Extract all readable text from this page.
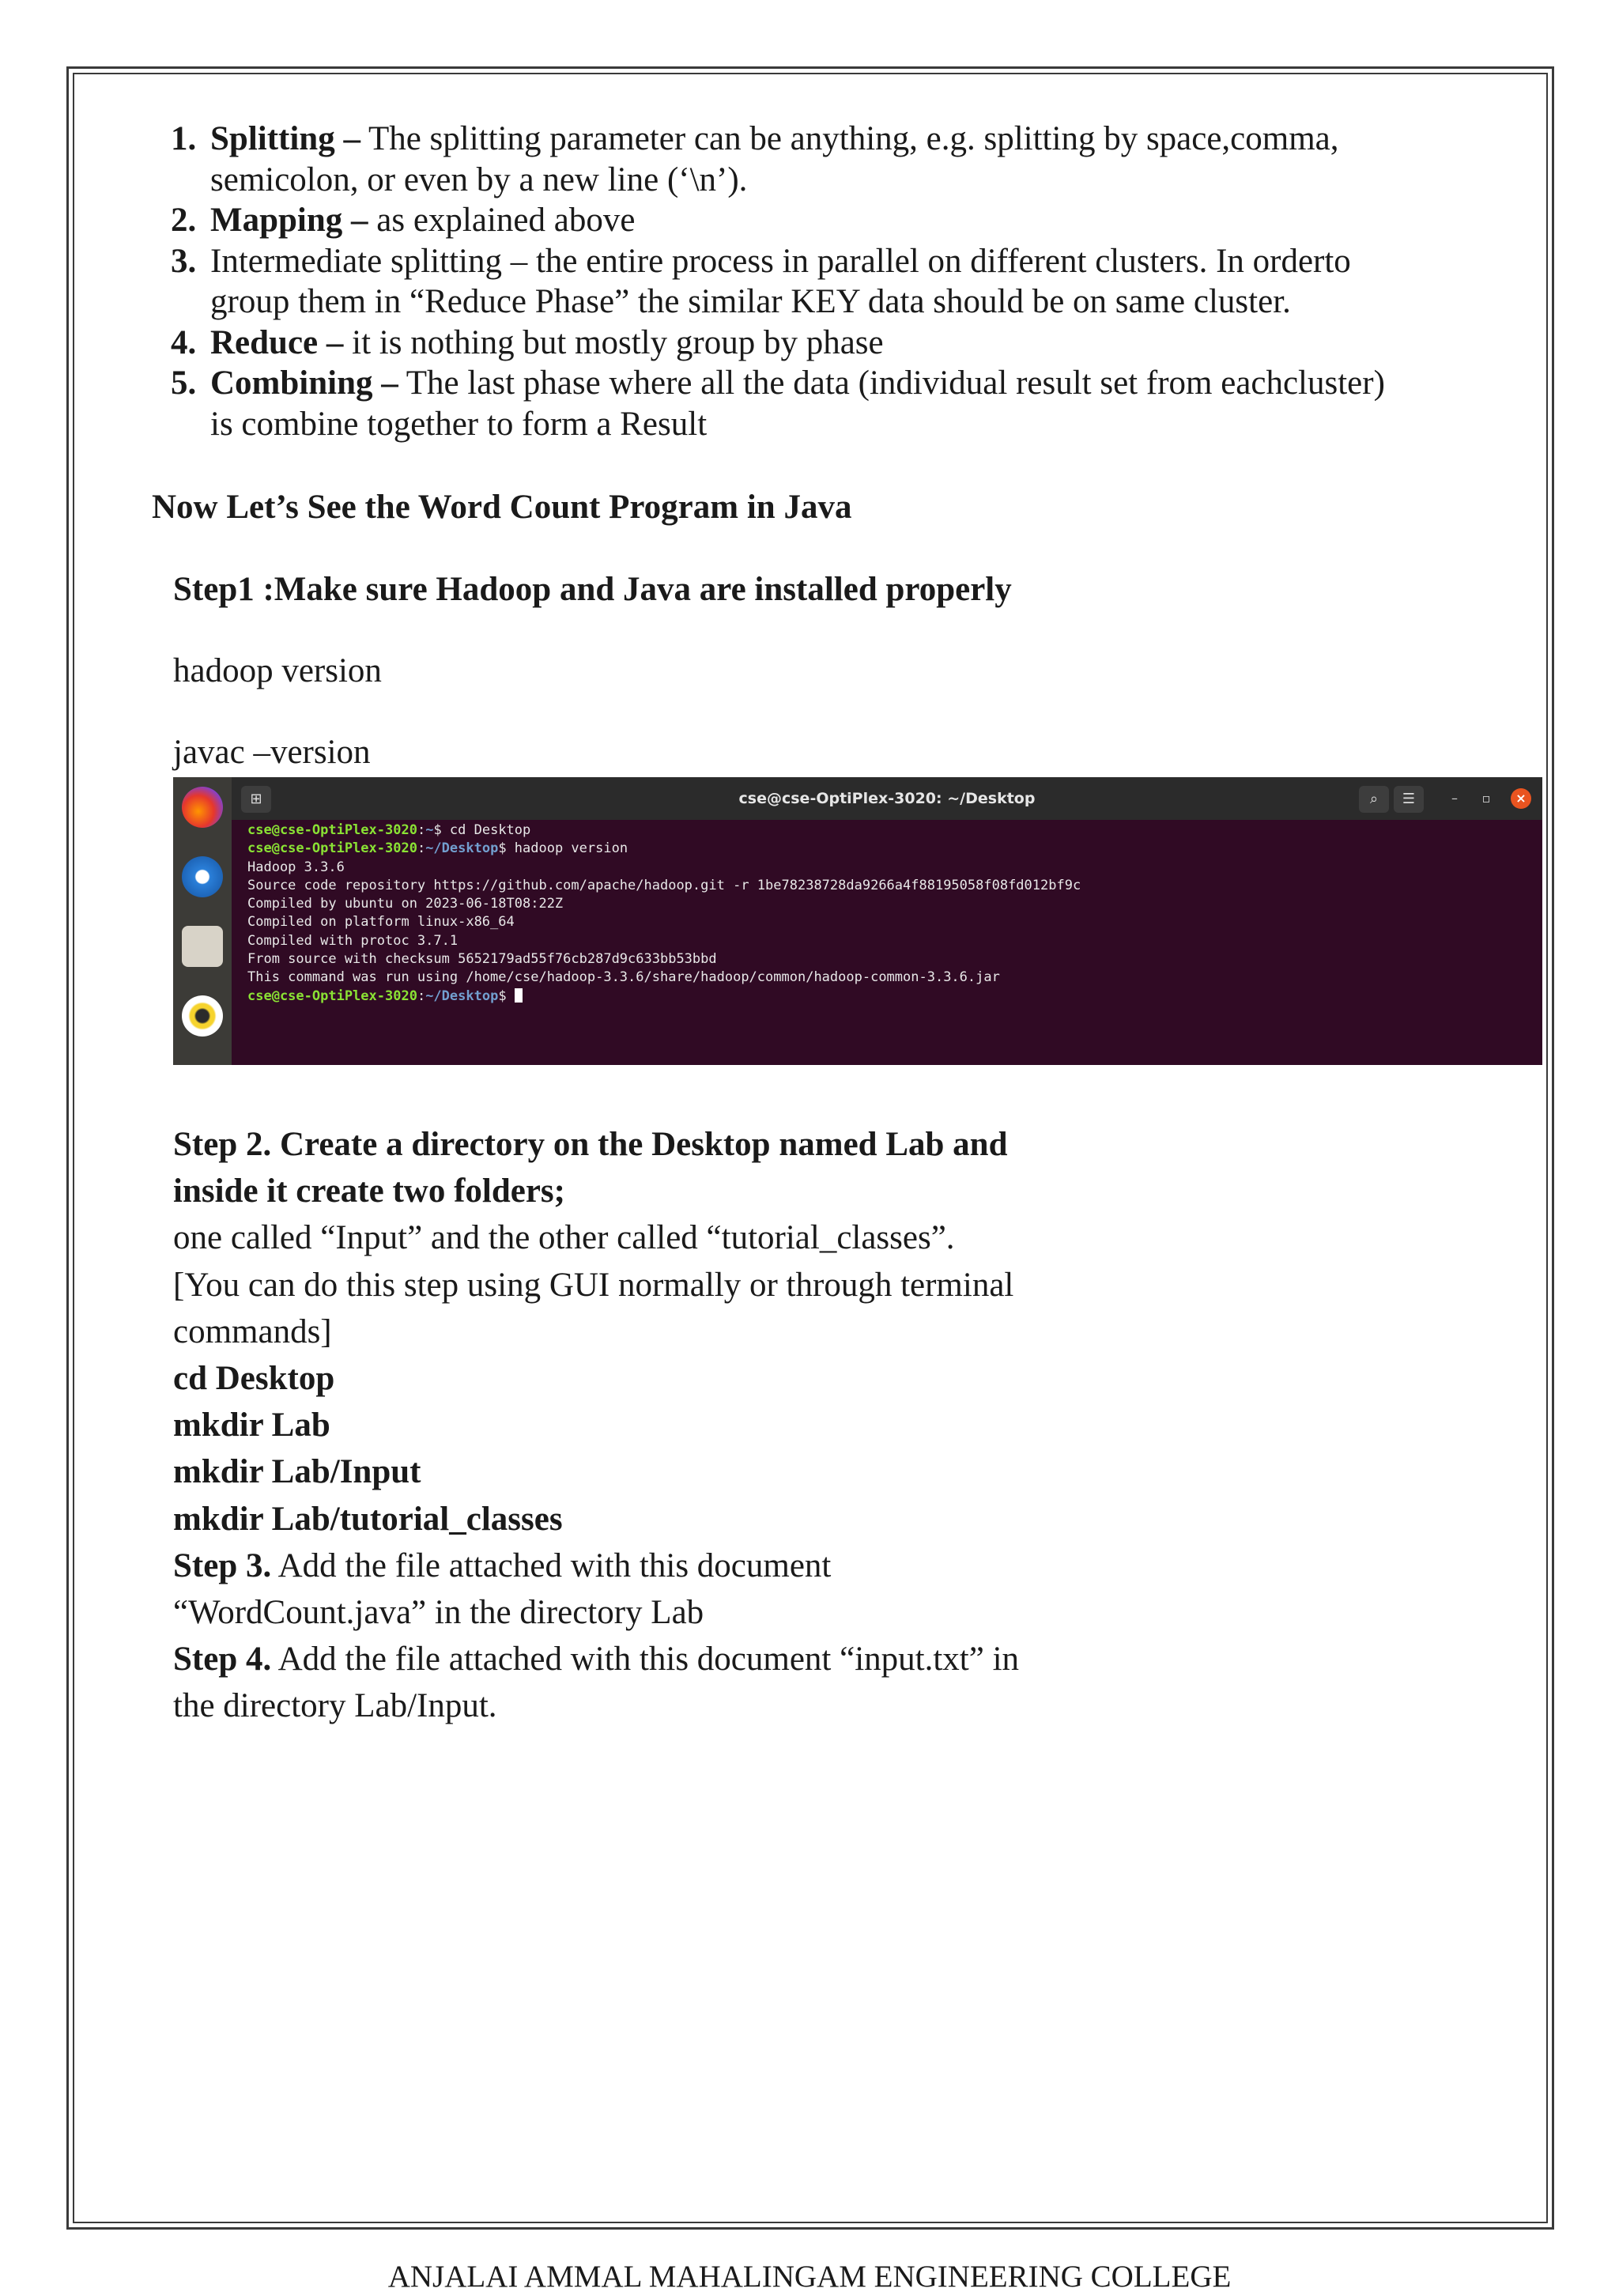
1. Splitting – The splitting parameter can be anything, e.g. splitting by space,comma, semicolon, or even by a new line (‘\n’).
2. Mapping – as explained above
3. Intermediate splitting – the entire process in parallel on different clusters. In orderto group them in “Reduce Phase” the similar KEY data should be on same cluster.
4. Reduce – it is nothing but mostly group by phase
5. Combining – The last phase where all the data (individual result set from eachcluster) is combine together to form a Result
Now Let’s See the Word Count Program in Java
Step1 :Make sure Hadoop and Java are installed properly
hadoop version
javac –version
⊞	cse@cse-OptiPlex-3020: ~/Desktop	⌕	☰	–	▫	×
cse@cse-OptiPlex-3020:~$ cd Desktop
cse@cse-OptiPlex-3020:~/Desktop$ hadoop version
Hadoop 3.3.6
Source code repository https://github.com/apache/hadoop.git -r 1be78238728da9266a4f88195058f08fd012bf9c
Compiled by ubuntu on 2023-06-18T08:22Z
Compiled on platform linux-x86_64
Compiled with protoc 3.7.1
From source with checksum 5652179ad55f76cb287d9c633bb53bbd
This command was run using /home/cse/hadoop-3.3.6/share/hadoop/common/hadoop-common-3.3.6.jar
cse@cse-OptiPlex-3020:~/Desktop$
Step 2. Create a directory on the Desktop named Lab and
inside it create two folders;
one called “Input” and the other called “tutorial_classes”.
[You can do this step using GUI normally or through terminal
commands]
cd Desktop
mkdir Lab
mkdir Lab/Input
mkdir Lab/tutorial_classes
Step 3. Add the file attached with this document
“WordCount.java” in the directory Lab
Step 4. Add the file attached with this document “input.txt” in
the directory Lab/Input.
ANJALAI AMMAL MAHALINGAM ENGINEERING COLLEGE
